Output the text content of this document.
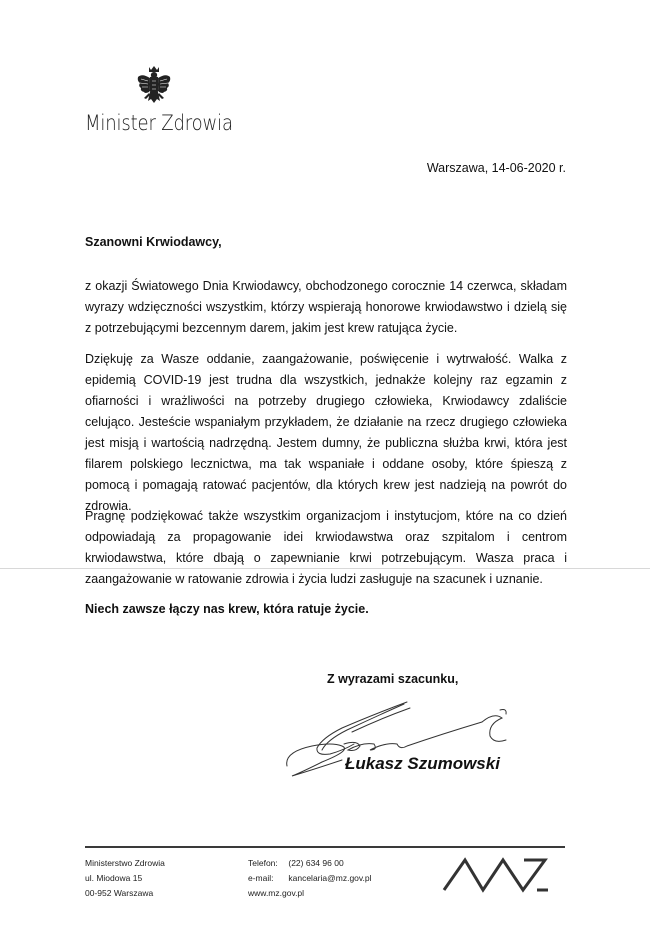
Minister Zdrowia
Warszawa, 14-06-2020 r.
Szanowni Krwiodawcy,

z okazji Światowego Dnia Krwiodawcy, obchodzonego corocznie 14 czerwca, składam wyrazy wdzięczności wszystkim, którzy wspierają honorowe krwiodawstwo i dzielą się z potrzebującymi bezcennym darem, jakim jest krew ratująca życie.

Dziękuję za Wasze oddanie, zaangażowanie, poświęcenie i wytrwałość. Walka z epidemią COVID-19 jest trudna dla wszystkich, jednakże kolejny raz egzamin z ofiarności i wrażliwości na potrzeby drugiego człowieka, Krwiodawcy zdaliście celująco. Jesteście wspaniałym przykładem, że działanie na rzecz drugiego człowieka jest misją i wartością nadrzędną. Jestem dumny, że publiczna służba krwi, która jest filarem polskiego lecznictwa, ma tak wspaniałe i oddane osoby, które śpieszą z pomocą i pomagają ratować pacjentów, dla których krew jest nadzieją na powrót do zdrowia.

Pragnę podziękować także wszystkim organizacjom i instytucjom, które na co dzień odpowiadają za propagowanie idei krwiodawstwa oraz szpitalom i centrom krwiodawstwa, które dbają o zapewnianie krwi potrzebującym. Wasza praca i zaangażowanie w ratowanie zdrowia i życia ludzi zasługuje na szacunek i uznanie.

Niech zawsze łączy nas krew, która ratuje życie.
Z wyrazami szacunku,
Łukasz Szumowski
Ministerstwo Zdrowia
ul. Miodowa 15
00-952 Warszawa
Telefon: (22) 634 96 00
e-mail: kancelaria@mz.gov.pl
www.mz.gov.pl
